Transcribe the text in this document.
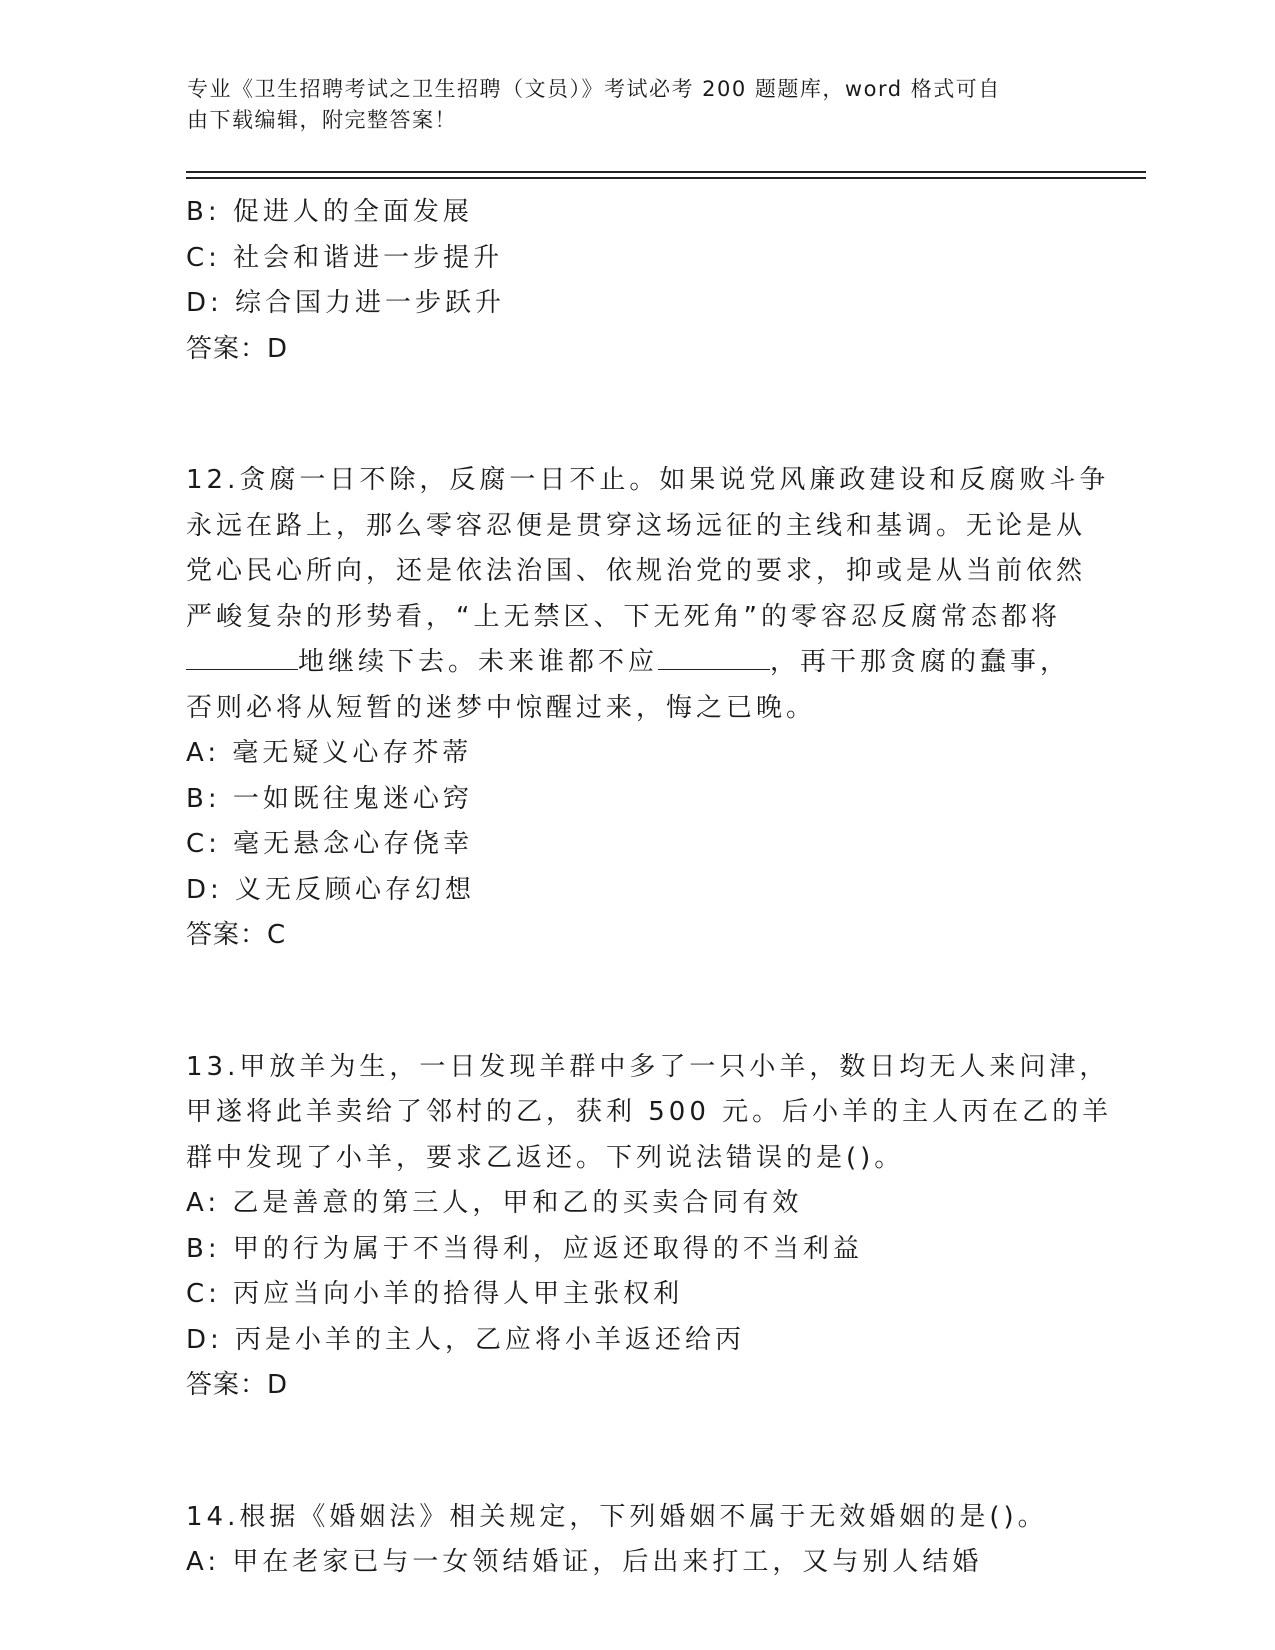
专业《卫生招聘考试之卫生招聘（文员）》考试必考 200 题题库，word 格式可自
由下载编辑，附完整答案！
B: 促进人的全面发展
C: 社会和谐进一步提升
D: 综合国力进一步跃升
答案：D
12.贪腐一日不除，反腐一日不止。如果说党风廉政建设和反腐败斗争
永远在路上，那么零容忍便是贯穿这场远征的主线和基调。无论是从
党心民心所向，还是依法治国、依规治党的要求，抑或是从当前依然
严峻复杂的形势看，“上无禁区、下无死角”的零容忍反腐常态都将
地继续下去。未来谁都不应	，再干那贪腐的蠢事，
否则必将从短暂的迷梦中惊醒过来，悔之已晚。
A: 毫无疑义心存芥蒂
B: 一如既往鬼迷心窍
C: 毫无悬念心存侥幸
D: 义无反顾心存幻想
答案：C
13.甲放羊为生，一日发现羊群中多了一只小羊，数日均无人来问津，
甲遂将此羊卖给了邻村的乙，获利 500 元。后小羊的主人丙在乙的羊
群中发现了小羊，要求乙返还。下列说法错误的是()。
A: 乙是善意的第三人，甲和乙的买卖合同有效
B: 甲的行为属于不当得利，应返还取得的不当利益
C: 丙应当向小羊的拾得人甲主张权利
D: 丙是小羊的主人，乙应将小羊返还给丙
答案：D
14.根据《婚姻法》相关规定，下列婚姻不属于无效婚姻的是()。
A: 甲在老家已与一女领结婚证，后出来打工，又与别人结婚
